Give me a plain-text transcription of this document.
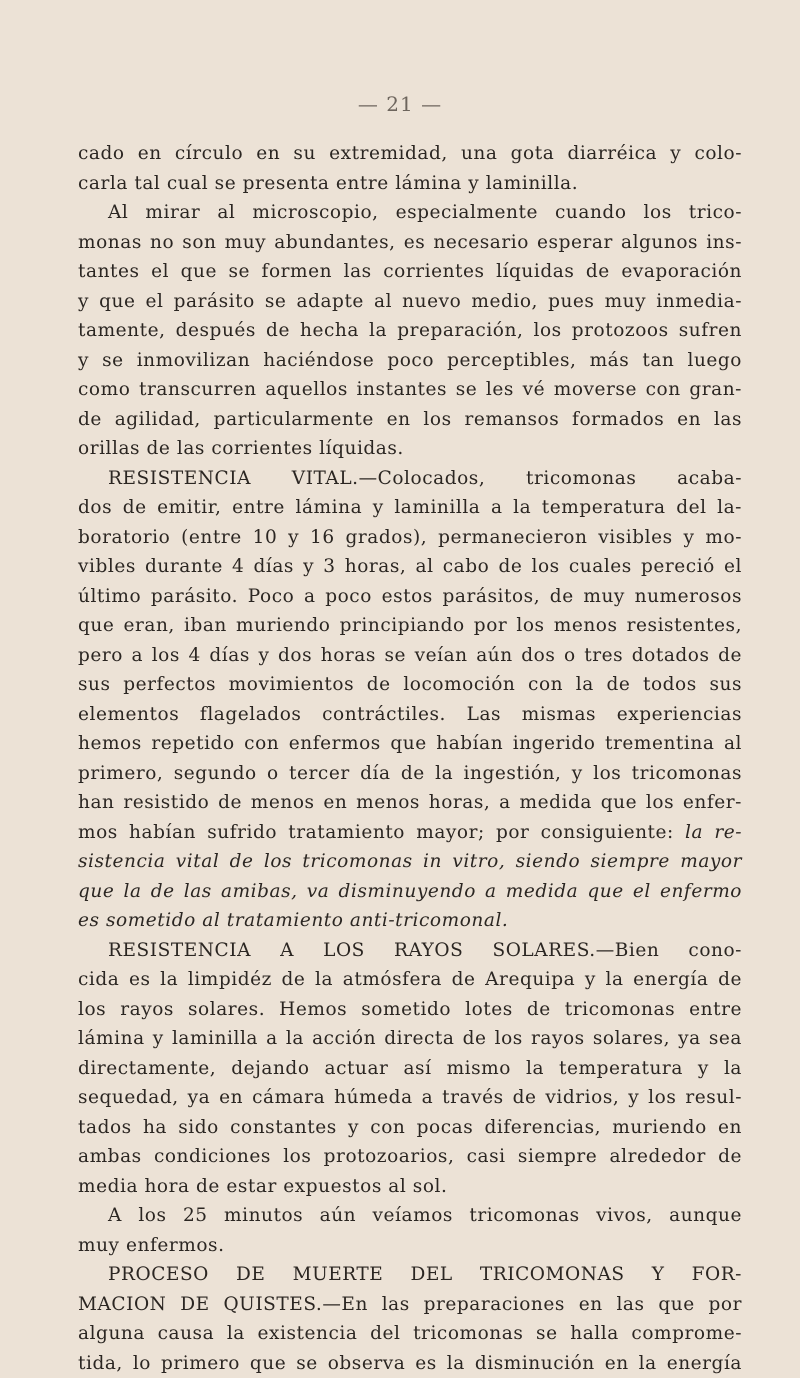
— 21 —
cado en círculo en su extremidad, una gota diarréica y colo-
carla tal cual se presenta entre lámina y laminilla.
Al mirar al microscopio, especialmente cuando los trico-
monas no son muy abundantes, es necesario esperar algunos ins-
tantes el que se formen las corrientes líquidas de evaporación
y que el parásito se adapte al nuevo medio, pues muy inmedia-
tamente, después de hecha la preparación, los protozoos sufren
y se inmovilizan haciéndose poco perceptibles, más tan luego
como transcurren aquellos instantes se les vé moverse con gran-
de agilidad, particularmente en los remansos formados en las
orillas de las corrientes líquidas.
RESISTENCIA VITAL.—Colocados, tricomonas acaba-
dos de emitir, entre lámina y laminilla a la temperatura del la-
boratorio (entre 10 y 16 grados), permanecieron visibles y mo-
vibles durante 4 días y 3 horas, al cabo de los cuales pereció el
último parásito. Poco a poco estos parásitos, de muy numerosos
que eran, iban muriendo principiando por los menos resistentes,
pero a los 4 días y dos horas se veían aún dos o tres dotados de
sus perfectos movimientos de locomoción con la de todos sus
elementos flagelados contráctiles. Las mismas experiencias
hemos repetido con enfermos que habían ingerido trementina al
primero, segundo o tercer día de la ingestión, y los tricomonas
han resistido de menos en menos horas, a medida que los enfer-
mos habían sufrido tratamiento mayor; por consiguiente: la re-
sistencia vital de los tricomonas in vitro, siendo siempre mayor
que la de las amibas, va disminuyendo a medida que el enfermo
es sometido al tratamiento anti-tricomonal.
RESISTENCIA A LOS RAYOS SOLARES.—Bien cono-
cida es la limpidéz de la atmósfera de Arequipa y la energía de
los rayos solares. Hemos sometido lotes de tricomonas entre
lámina y laminilla a la acción directa de los rayos solares, ya sea
directamente, dejando actuar así mismo la temperatura y la
sequedad, ya en cámara húmeda a través de vidrios, y los resul-
tados ha sido constantes y con pocas diferencias, muriendo en
ambas condiciones los protozoarios, casi siempre alrededor de
media hora de estar expuestos al sol.
A los 25 minutos aún veíamos tricomonas vivos, aunque
muy enfermos.
PROCESO DE MUERTE DEL TRICOMONAS Y FOR-
MACION DE QUISTES.—En las preparaciones en las que por
alguna causa la existencia del tricomonas se halla comprome-
tida, lo primero que se observa es la disminución en la energía
